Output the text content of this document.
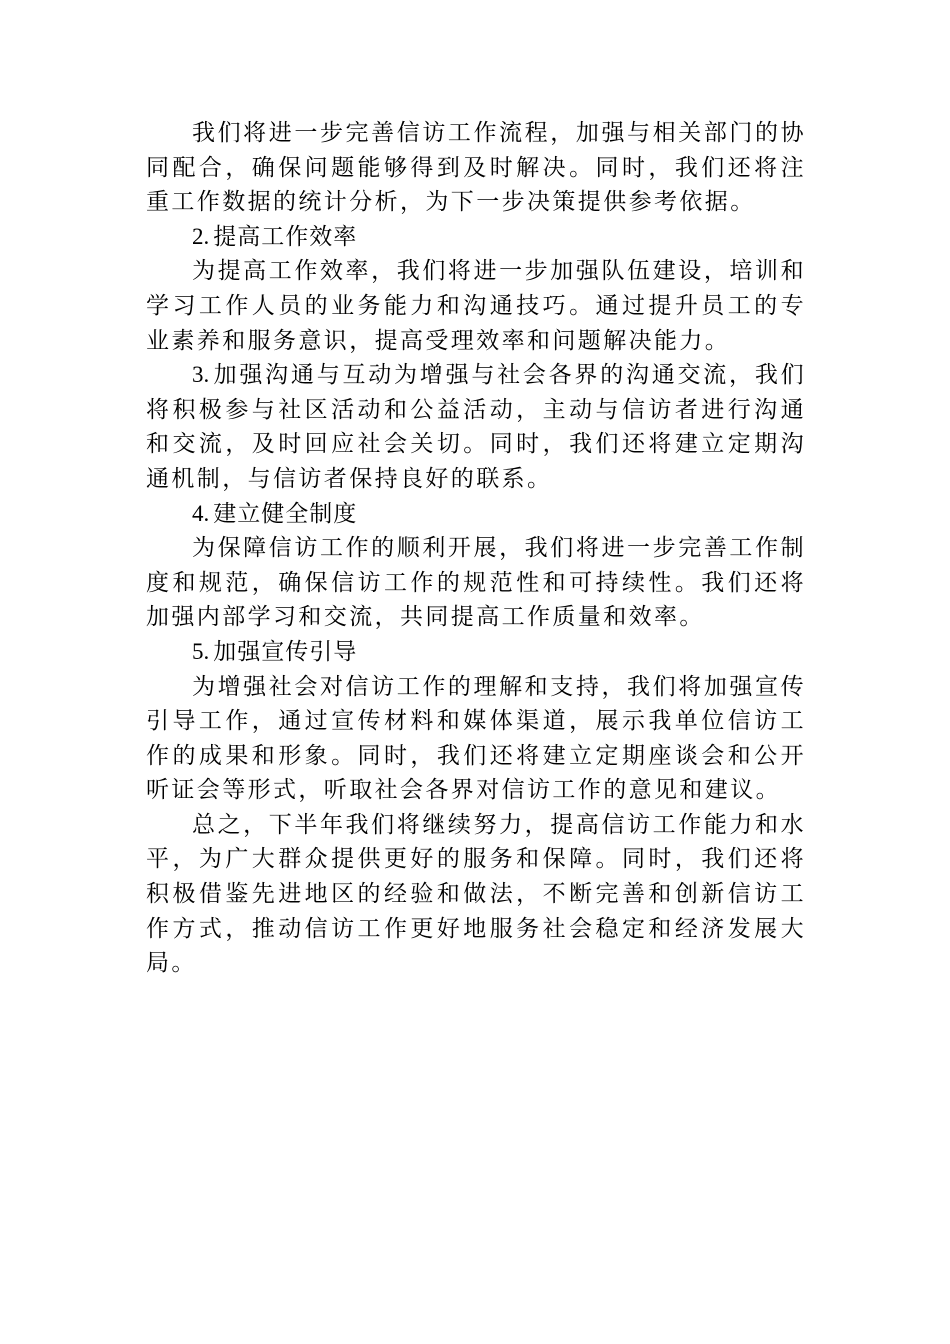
我们将进一步完善信访工作流程，加强与相关部门的协同配合，确保问题能够得到及时解决。同时，我们还将注重工作数据的统计分析，为下一步决策提供参考依据。

2. 提高工作效率

为提高工作效率，我们将进一步加强队伍建设，培训和学习工作人员的业务能力和沟通技巧。通过提升员工的专业素养和服务意识，提高受理效率和问题解决能力。

3. 加强沟通与互动为增强与社会各界的沟通交流，我们将积极参与社区活动和公益活动，主动与信访者进行沟通和交流，及时回应社会关切。同时，我们还将建立定期沟通机制，与信访者保持良好的联系。

4. 建立健全制度

为保障信访工作的顺利开展，我们将进一步完善工作制度和规范，确保信访工作的规范性和可持续性。我们还将加强内部学习和交流，共同提高工作质量和效率。

5. 加强宣传引导

为增强社会对信访工作的理解和支持，我们将加强宣传引导工作，通过宣传材料和媒体渠道，展示我单位信访工作的成果和形象。同时，我们还将建立定期座谈会和公开听证会等形式，听取社会各界对信访工作的意见和建议。

总之，下半年我们将继续努力，提高信访工作能力和水平，为广大群众提供更好的服务和保障。同时，我们还将积极借鉴先进地区的经验和做法，不断完善和创新信访工作方式，推动信访工作更好地服务社会稳定和经济发展大局。
